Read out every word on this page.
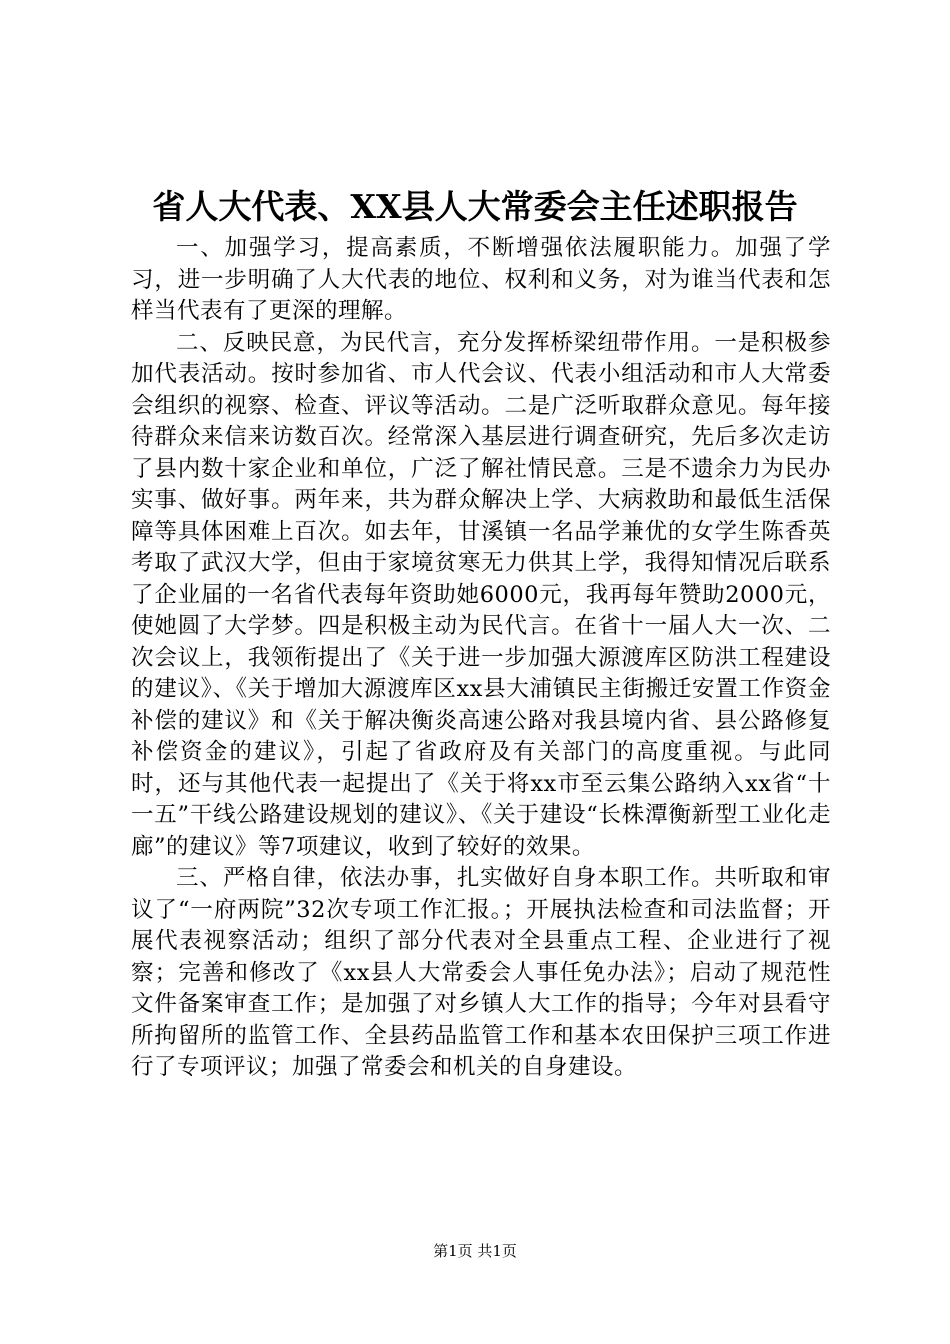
省人大代表、XX县人大常委会主任述职报告

一、加强学习，提高素质，不断增强依法履职能力。加强了学习，进一步明确了人大代表的地位、权利和义务，对为谁当代表和怎样当代表有了更深的理解。

二、反映民意，为民代言，充分发挥桥梁纽带作用。一是积极参加代表活动。按时参加省、市人代会议、代表小组活动和市人大常委会组织的视察、检查、评议等活动。二是广泛听取群众意见。每年接待群众来信来访数百次。经常深入基层进行调查研究，先后多次走访了县内数十家企业和单位，广泛了解社情民意。三是不遗余力为民办实事、做好事。两年来，共为群众解决上学、大病救助和最低生活保障等具体困难上百次。如去年，甘溪镇一名品学兼优的女学生陈香英考取了武汉大学，但由于家境贫寒无力供其上学，我得知情况后联系了企业届的一名省代表每年资助她6000元，我再每年赞助2000元，使她圆了大学梦。四是积极主动为民代言。在省十一届人大一次、二次会议上，我领衔提出了《关于进一步加强大源渡库区防洪工程建设的建议》、《关于增加大源渡库区xx县大浦镇民主街搬迁安置工作资金补偿的建议》和《关于解决衡炎高速公路对我县境内省、县公路修复补偿资金的建议》，引起了省政府及有关部门的高度重视。与此同时，还与其他代表一起提出了《关于将xx市至云集公路纳入xx省“十一五”干线公路建设规划的建议》、《关于建设“长株潭衡新型工业化走廊”的建议》等7项建议，收到了较好的效果。

三、严格自律，依法办事，扎实做好自身本职工作。共听取和审议了“一府两院”32次专项工作汇报。；开展执法检查和司法监督；开展代表视察活动；组织了部分代表对全县重点工程、企业进行了视察；完善和修改了《xx县人大常委会人事任免办法》；启动了规范性文件备案审查工作；是加强了对乡镇人大工作的指导；今年对县看守所拘留所的监管工作、全县药品监管工作和基本农田保护三项工作进行了专项评议；加强了常委会和机关的自身建设。

第1页 共1页
